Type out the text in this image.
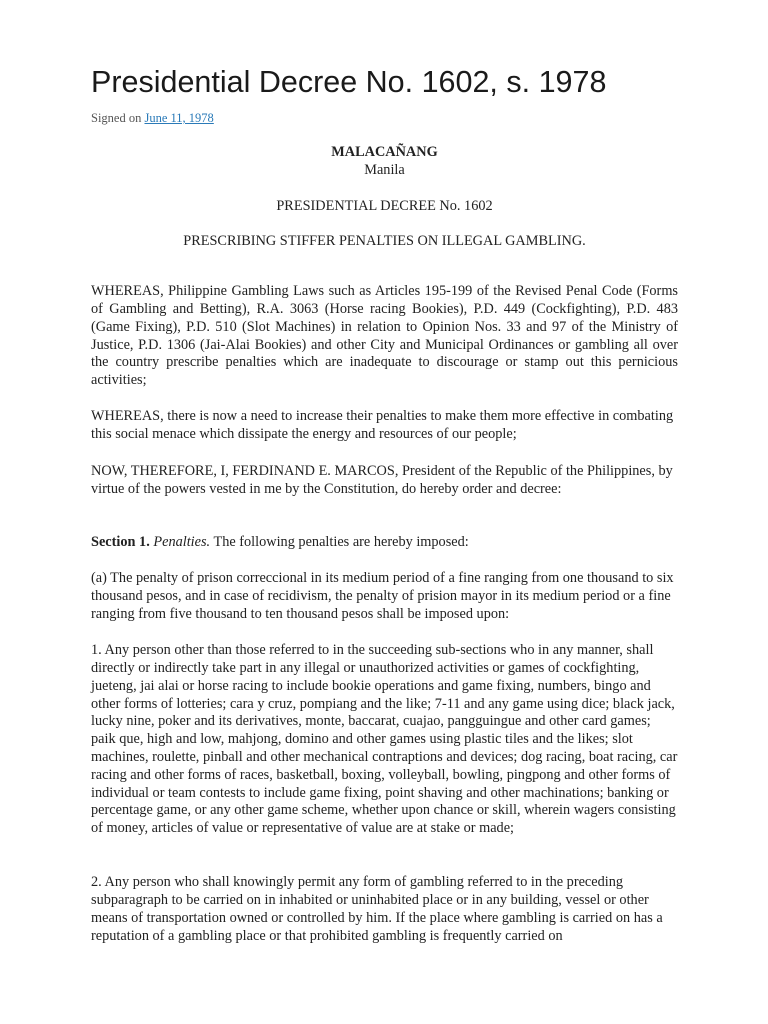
Presidential Decree No. 1602, s. 1978
Signed on June 11, 1978
MALACAÑANG
Manila
PRESIDENTIAL DECREE No. 1602
PRESCRIBING STIFFER PENALTIES ON ILLEGAL GAMBLING.

WHEREAS, Philippine Gambling Laws such as Articles 195-199 of the Revised Penal Code (Forms of Gambling and Betting), R.A. 3063 (Horse racing Bookies), P.D. 449 (Cockfighting), P.D. 483 (Game Fixing), P.D. 510 (Slot Machines) in relation to Opinion Nos. 33 and 97 of the Ministry of Justice, P.D. 1306 (Jai-Alai Bookies) and other City and Municipal Ordinances or gambling all over the country prescribe penalties which are inadequate to discourage or stamp out this pernicious activities;

WHEREAS, there is now a need to increase their penalties to make them more effective in combating this social menace which dissipate the energy and resources of our people;

NOW, THEREFORE, I, FERDINAND E. MARCOS, President of the Republic of the Philippines, by virtue of the powers vested in me by the Constitution, do hereby order and decree:

Section 1. Penalties. The following penalties are hereby imposed:

(a) The penalty of prison correccional in its medium period of a fine ranging from one thousand to six thousand pesos, and in case of recidivism, the penalty of prision mayor in its medium period or a fine ranging from five thousand to ten thousand pesos shall be imposed upon:

1. Any person other than those referred to in the succeeding sub-sections who in any manner, shall directly or indirectly take part in any illegal or unauthorized activities or games of cockfighting, jueteng, jai alai or horse racing to include bookie operations and game fixing, numbers, bingo and other forms of lotteries; cara y cruz, pompiang and the like; 7-11 and any game using dice; black jack, lucky nine, poker and its derivatives, monte, baccarat, cuajao, pangguingue and other card games; paik que, high and low, mahjong, domino and other games using plastic tiles and the likes; slot machines, roulette, pinball and other mechanical contraptions and devices; dog racing, boat racing, car racing and other forms of races, basketball, boxing, volleyball, bowling, pingpong and other forms of individual or team contests to include game fixing, point shaving and other machinations; banking or percentage game, or any other game scheme, whether upon chance or skill, wherein wagers consisting of money, articles of value or representative of value are at stake or made;

2. Any person who shall knowingly permit any form of gambling referred to in the preceding subparagraph to be carried on in inhabited or uninhabited place or in any building, vessel or other means of transportation owned or controlled by him. If the place where gambling is carried on has a reputation of a gambling place or that prohibited gambling is frequently carried on
